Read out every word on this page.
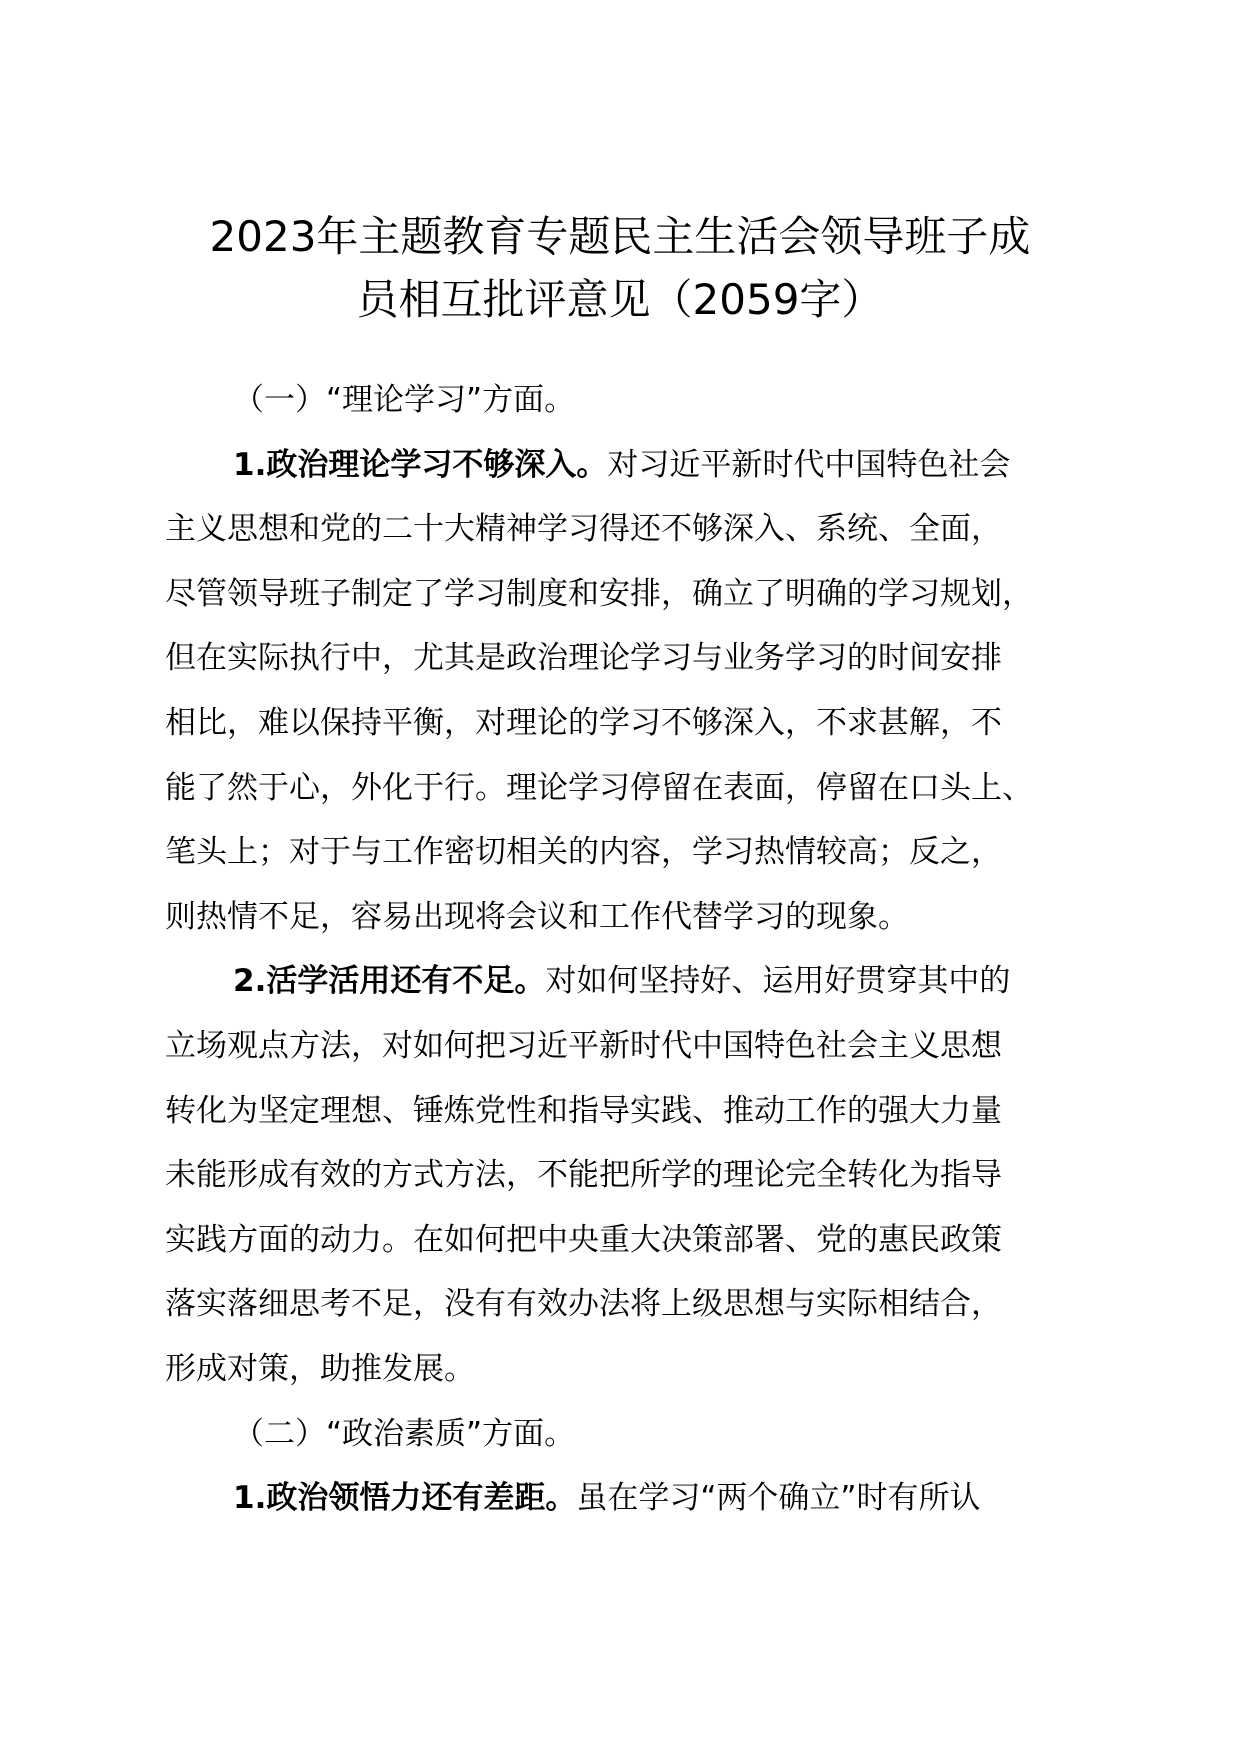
2023年主题教育专题民主生活会领导班子成
员相互批评意见（2059字）
（一）“理论学习”方面。
1.政治理论学习不够深入。对习近平新时代中国特色社会
主义思想和党的二十大精神学习得还不够深入、系统、全面，
尽管领导班子制定了学习制度和安排，确立了明确的学习规划，
但在实际执行中，尤其是政治理论学习与业务学习的时间安排
相比，难以保持平衡，对理论的学习不够深入，不求甚解，不
能了然于心，外化于行。理论学习停留在表面，停留在口头上、
笔头上；对于与工作密切相关的内容，学习热情较高；反之，
则热情不足，容易出现将会议和工作代替学习的现象。
2.活学活用还有不足。对如何坚持好、运用好贯穿其中的
立场观点方法，对如何把习近平新时代中国特色社会主义思想
转化为坚定理想、锤炼党性和指导实践、推动工作的强大力量
未能形成有效的方式方法，不能把所学的理论完全转化为指导
实践方面的动力。在如何把中央重大决策部署、党的惠民政策
落实落细思考不足，没有有效办法将上级思想与实际相结合，
形成对策，助推发展。
（二）“政治素质”方面。
1.政治领悟力还有差距。虽在学习“两个确立”时有所认
